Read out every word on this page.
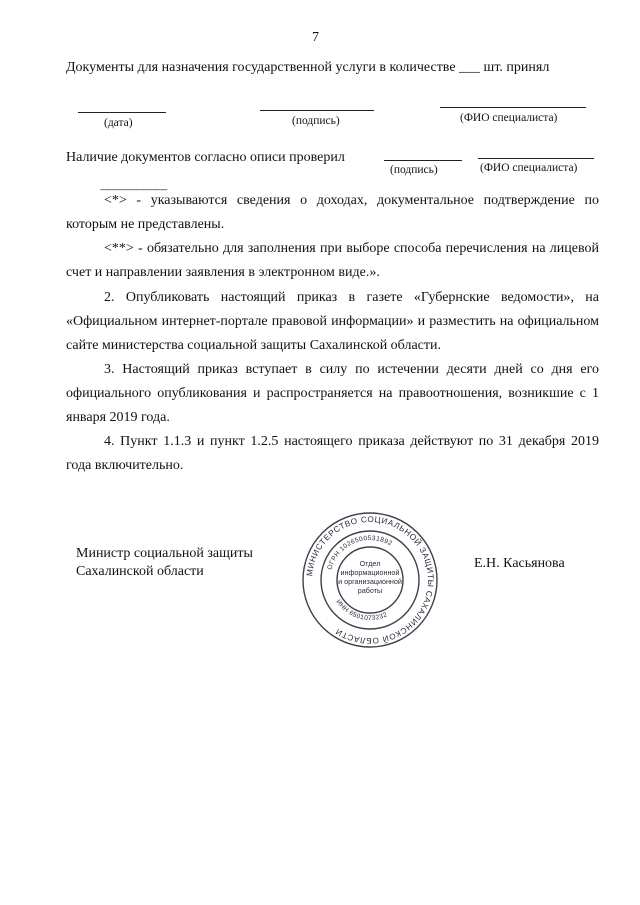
7
Документы для назначения государственной услуги в количестве ___ шт. принял
(дата)	(подпись)	(ФИО специалиста)
Наличие документов согласно описи проверил
(подпись)	(ФИО специалиста)
-------------------------------
<*> - указываются сведения о доходах, документальное подтверждение по которым не представлены.
<**> - обязательно для заполнения при выборе способа перечисления на лицевой счет и направлении заявления в электронном виде.».
2. Опубликовать настоящий приказ в газете «Губернские ведомости», на «Официальном интернет-портале правовой информации» и разместить на официальном сайте министерства социальной защиты Сахалинской области.
3. Настоящий приказ вступает в силу по истечении десяти дней со дня его официального опубликования и распространяется на правоотношения, возникшие с 1 января 2019 года.
4. Пункт 1.1.3 и пункт 1.2.5 настоящего приказа действуют по 31 декабря 2019 года включительно.
Министр социальной защиты
Сахалинской области
Е.Н. Касьянова
МИНИСТЕРСТВО СОЦИАЛЬНОЙ ЗАЩИТЫ САХАЛИНСКОЙ ОБЛАСТИ
ОГРН 1026500531892
ИНН 6501073232
Отдел
информационной
и организационной
работы
